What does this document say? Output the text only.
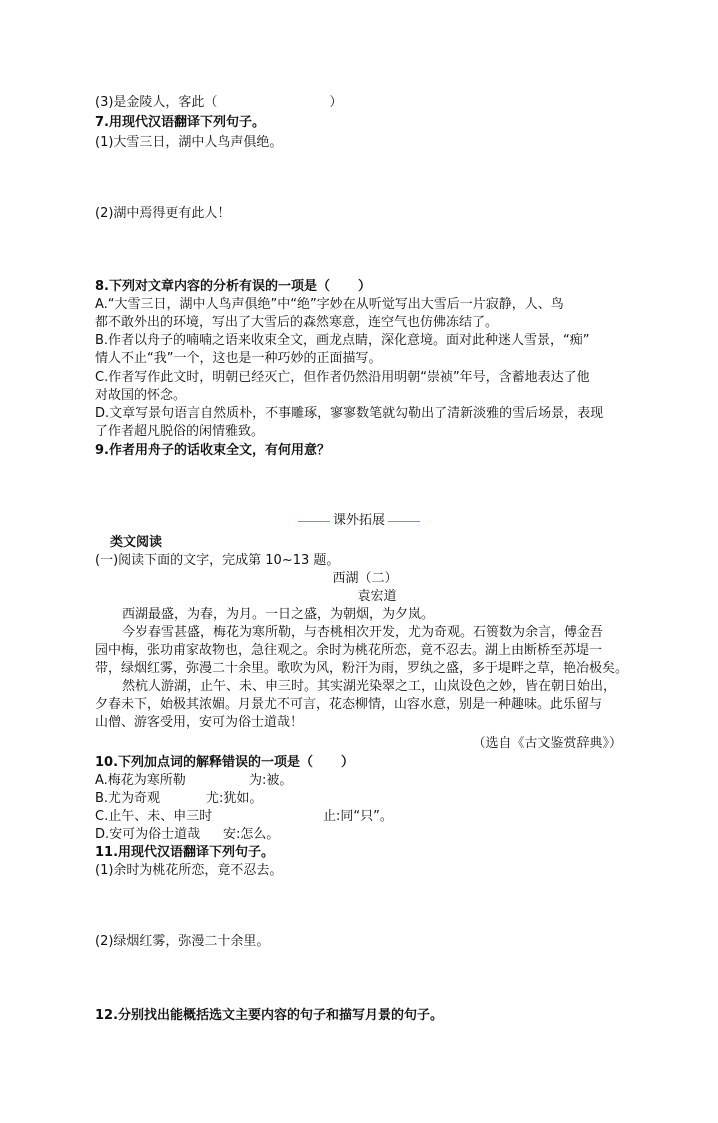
(3)是金陵人，客此（	）
7.用现代汉语翻译下列句子。
(1)大雪三日，湖中人鸟声俱绝。
(2)湖中焉得更有此人！
8.下列对文章内容的分析有误的一项是（ ）
A.“大雪三日，湖中人鸟声俱绝”中“绝”字妙在从听觉写出大雪后一片寂静，人、鸟
都不敢外出的环境，写出了大雪后的森然寒意，连空气也仿佛冻结了。
B.作者以舟子的喃喃之语来收束全文，画龙点睛，深化意境。面对此种迷人雪景，“痴”
情人不止“我”一个，这也是一种巧妙的正面描写。
C.作者写作此文时，明朝已经灭亡，但作者仍然沿用明朝“崇祯”年号，含蓄地表达了他
对故国的怀念。
D.文章写景句语言自然质朴，不事雕琢，寥寥数笔就勾勒出了清新淡雅的雪后场景，表现
了作者超凡脱俗的闲情雅致。
9.作者用舟子的话收束全文，有何用意？
课外拓展
类文阅读
(一)阅读下面的文字，完成第 10~13 题。
西湖（二）
袁宏道
西湖最盛，为春，为月。一日之盛，为朝烟，为夕岚。
今岁春雪甚盛，梅花为寒所勒，与杏桃相次开发，尤为奇观。石篑数为余言，傅金吾
园中梅，张功甫家故物也，急往观之。余时为桃花所恋，竟不忍去。湖上由断桥至苏堤一
带，绿烟红雾，弥漫二十余里。歌吹为风，粉汗为雨，罗纨之盛，多于堤畔之草，艳冶极矣。
然杭人游湖，止午、未、申三时。其实湖光染翠之工，山岚设色之妙，皆在朝日始出，
夕春未下，始极其浓媚。月景尤不可言，花态柳情，山容水意，别是一种趣味。此乐留与
山僧、游客受用，安可为俗士道哉！
（选自《古文鉴赏辞典》）
10.下列加点词的解释错误的一项是（ ）
A.梅花为寒所勒	为:被。
B.尤为奇观	尤:犹如。
C.止午、未、申三时	止:同“只”。
D.安可为俗士道哉 安:怎么。
11.用现代汉语翻译下列句子。
(1)余时为桃花所恋，竟不忍去。
(2)绿烟红雾，弥漫二十余里。
12.分别找出能概括选文主要内容的句子和描写月景的句子。
